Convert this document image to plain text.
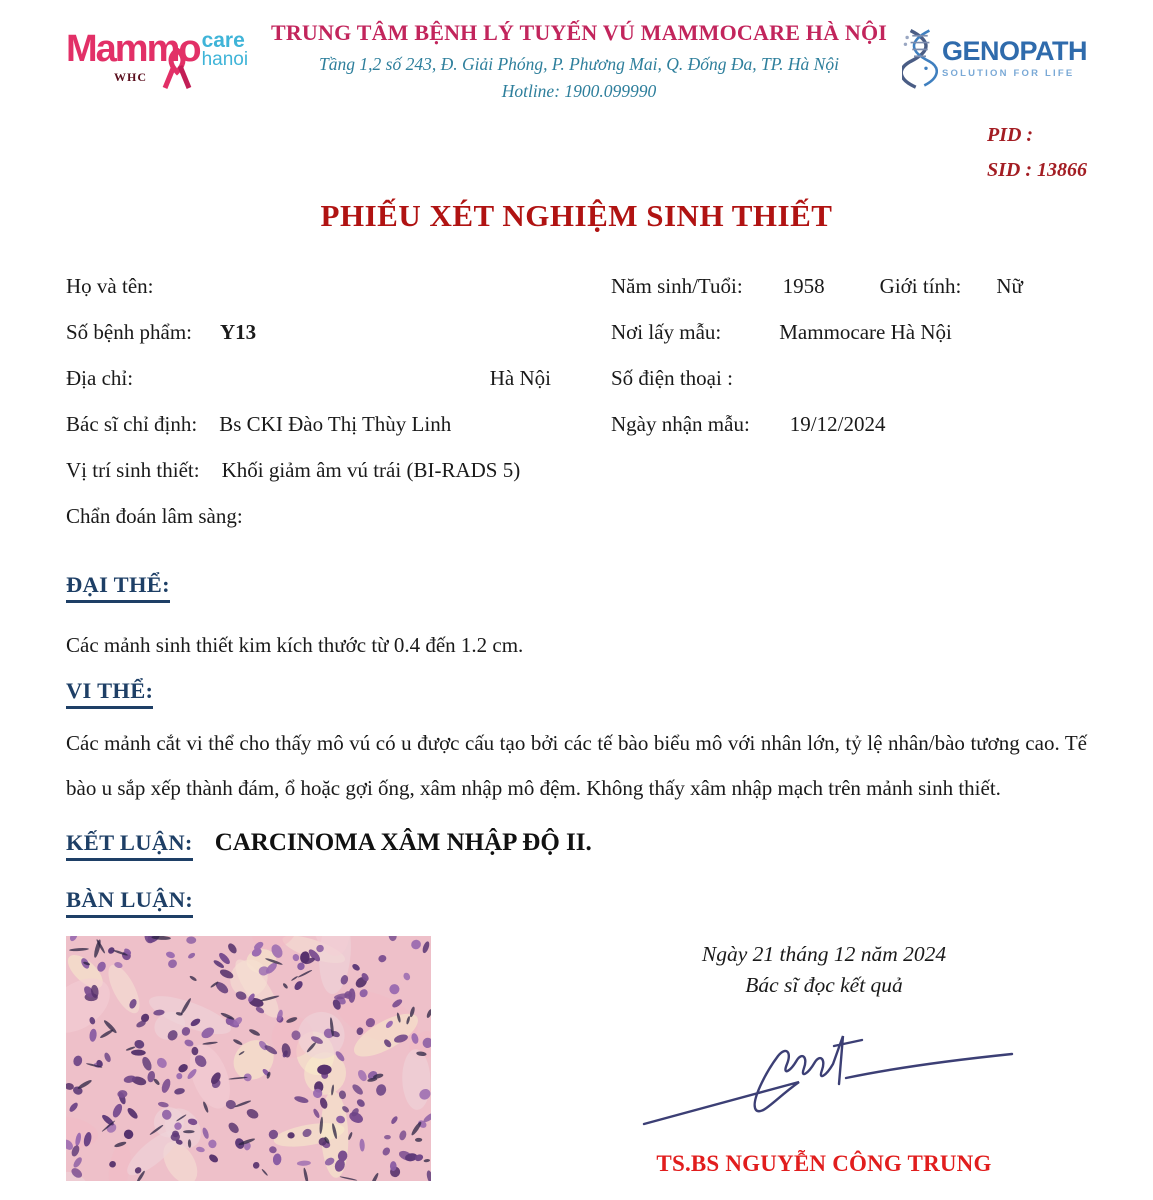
Mammo care
hanoi
WHC
TRUNG TÂM BỆNH LÝ TUYẾN VÚ MAMMOCARE HÀ NỘI
Tầng 1,2 số 243, Đ. Giải Phóng, P. Phương Mai, Q. Đống Đa, TP. Hà Nội
Hotline: 1900.099990
GENOPATH
SOLUTION FOR LIFE
PID :
SID : 13866
PHIẾU XÉT NGHIỆM SINH THIẾT
Họ và tên:	Năm sinh/Tuổi: 1958	Giới tính: Nữ
Số bệnh phẩm: Y13	Nơi lấy mẫu:	Mammocare Hà Nội
Địa chỉ:	Hà Nội	Số điện thoại :
Bác sĩ chỉ định: Bs CKI Đào Thị Thùy Linh	Ngày nhận mẫu: 19/12/2024
Vị trí sinh thiết: Khối giảm âm vú trái (BI-RADS 5)
Chẩn đoán lâm sàng:
ĐẠI THỂ:
Các mảnh sinh thiết kim kích thước từ 0.4 đến 1.2 cm.
VI THỂ:
Các mảnh cắt vi thể cho thấy mô vú có u được cấu tạo bởi các tế bào biểu mô với nhân lớn, tỷ lệ nhân/bào tương cao. Tế bào u sắp xếp thành đám, ổ hoặc gợi ống, xâm nhập mô đệm. Không thấy xâm nhập mạch trên mảnh sinh thiết.
KẾT LUẬN: CARCINOMA XÂM NHẬP ĐỘ II.
BÀN LUẬN:
Ngày 21 tháng 12 năm 2024
Bác sĩ đọc kết quả
TS.BS NGUYỄN CÔNG TRUNG
